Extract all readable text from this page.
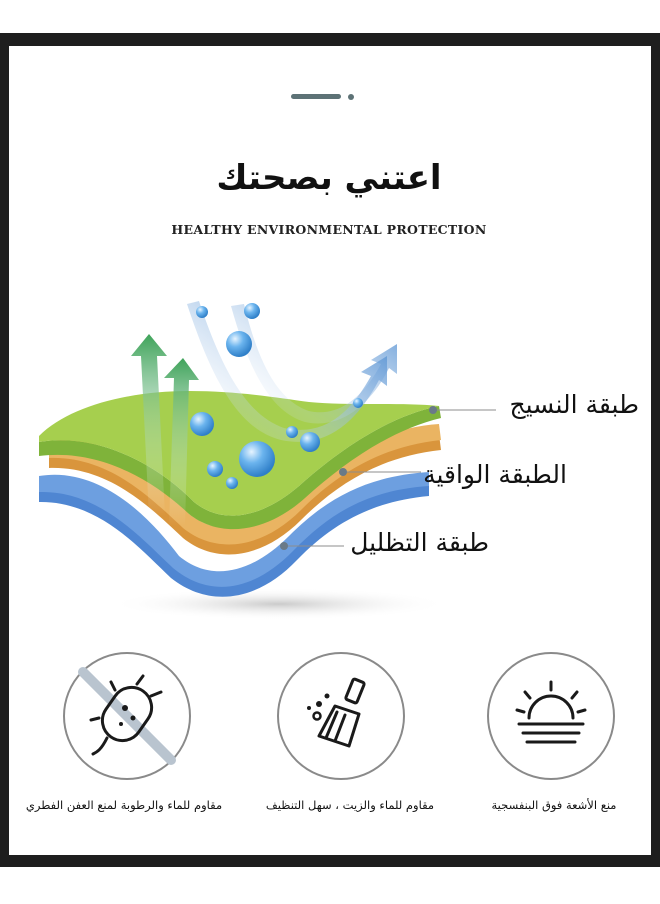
اعتني بصحتك
HEALTHY ENVIRONMENTAL PROTECTION
طبقة النسيج
الطبقة الواقية
طبقة التظليل
منع الأشعة فوق البنفسجية
مقاوم للماء والزيت ، سهل التنظيف
مقاوم للماء والرطوبة لمنع العفن الفطري
